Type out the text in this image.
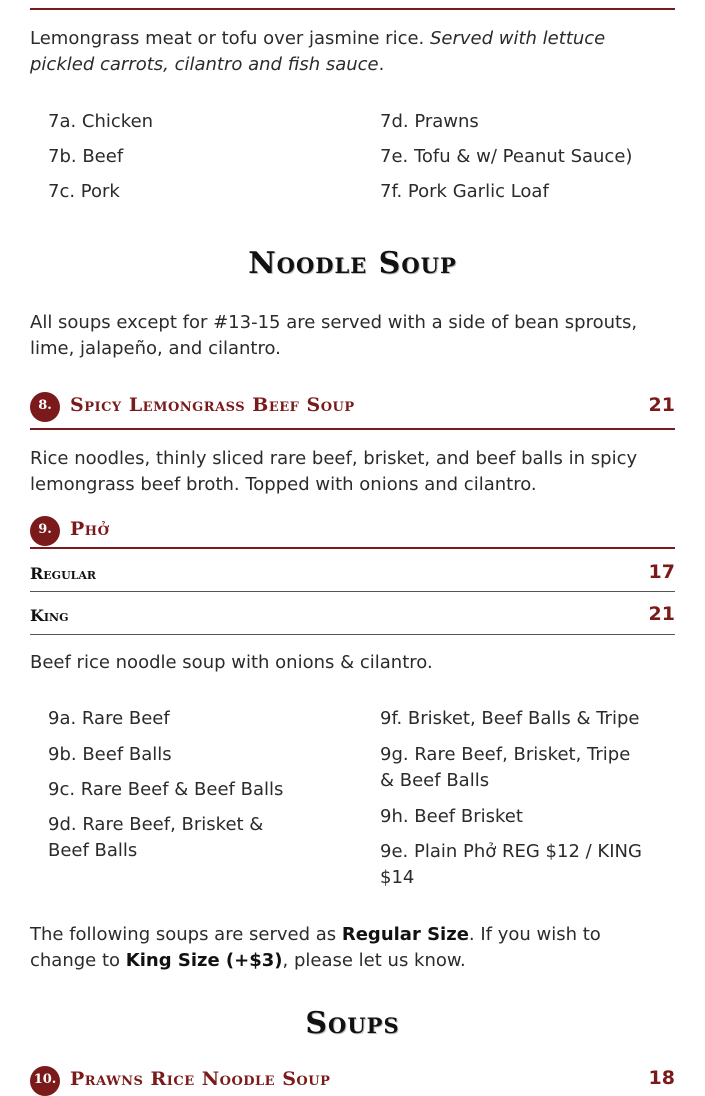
Lemongrass meat or tofu over jasmine rice. Served with lettuce pickled carrots, cilantro and fish sauce.
7a. Chicken
7b. Beef
7c. Pork
7d. Prawns
7e. Tofu & w/ Peanut Sauce)
7f. Pork Garlic Loaf
Noodle Soup
All soups except for #13-15 are served with a side of bean sprouts, lime, jalapeño, and cilantro.
8. Spicy Lemongrass Beef Soup	21
Rice noodles, thinly sliced rare beef, brisket, and beef balls in spicy lemongrass beef broth. Topped with onions and cilantro.
9. Phở
Regular	17
King	21
Beef rice noodle soup with onions & cilantro.
9a. Rare Beef
9b. Beef Balls
9c. Rare Beef & Beef Balls
9d. Rare Beef, Brisket & Beef Balls
9f. Brisket, Beef Balls & Tripe
9g. Rare Beef, Brisket, Tripe & Beef Balls
9h. Beef Brisket
9e. Plain Phở REG $12 / KING $14
The following soups are served as Regular Size. If you wish to change to King Size (+$3), please let us know.
Soups
10. Prawns Rice Noodle Soup	18
